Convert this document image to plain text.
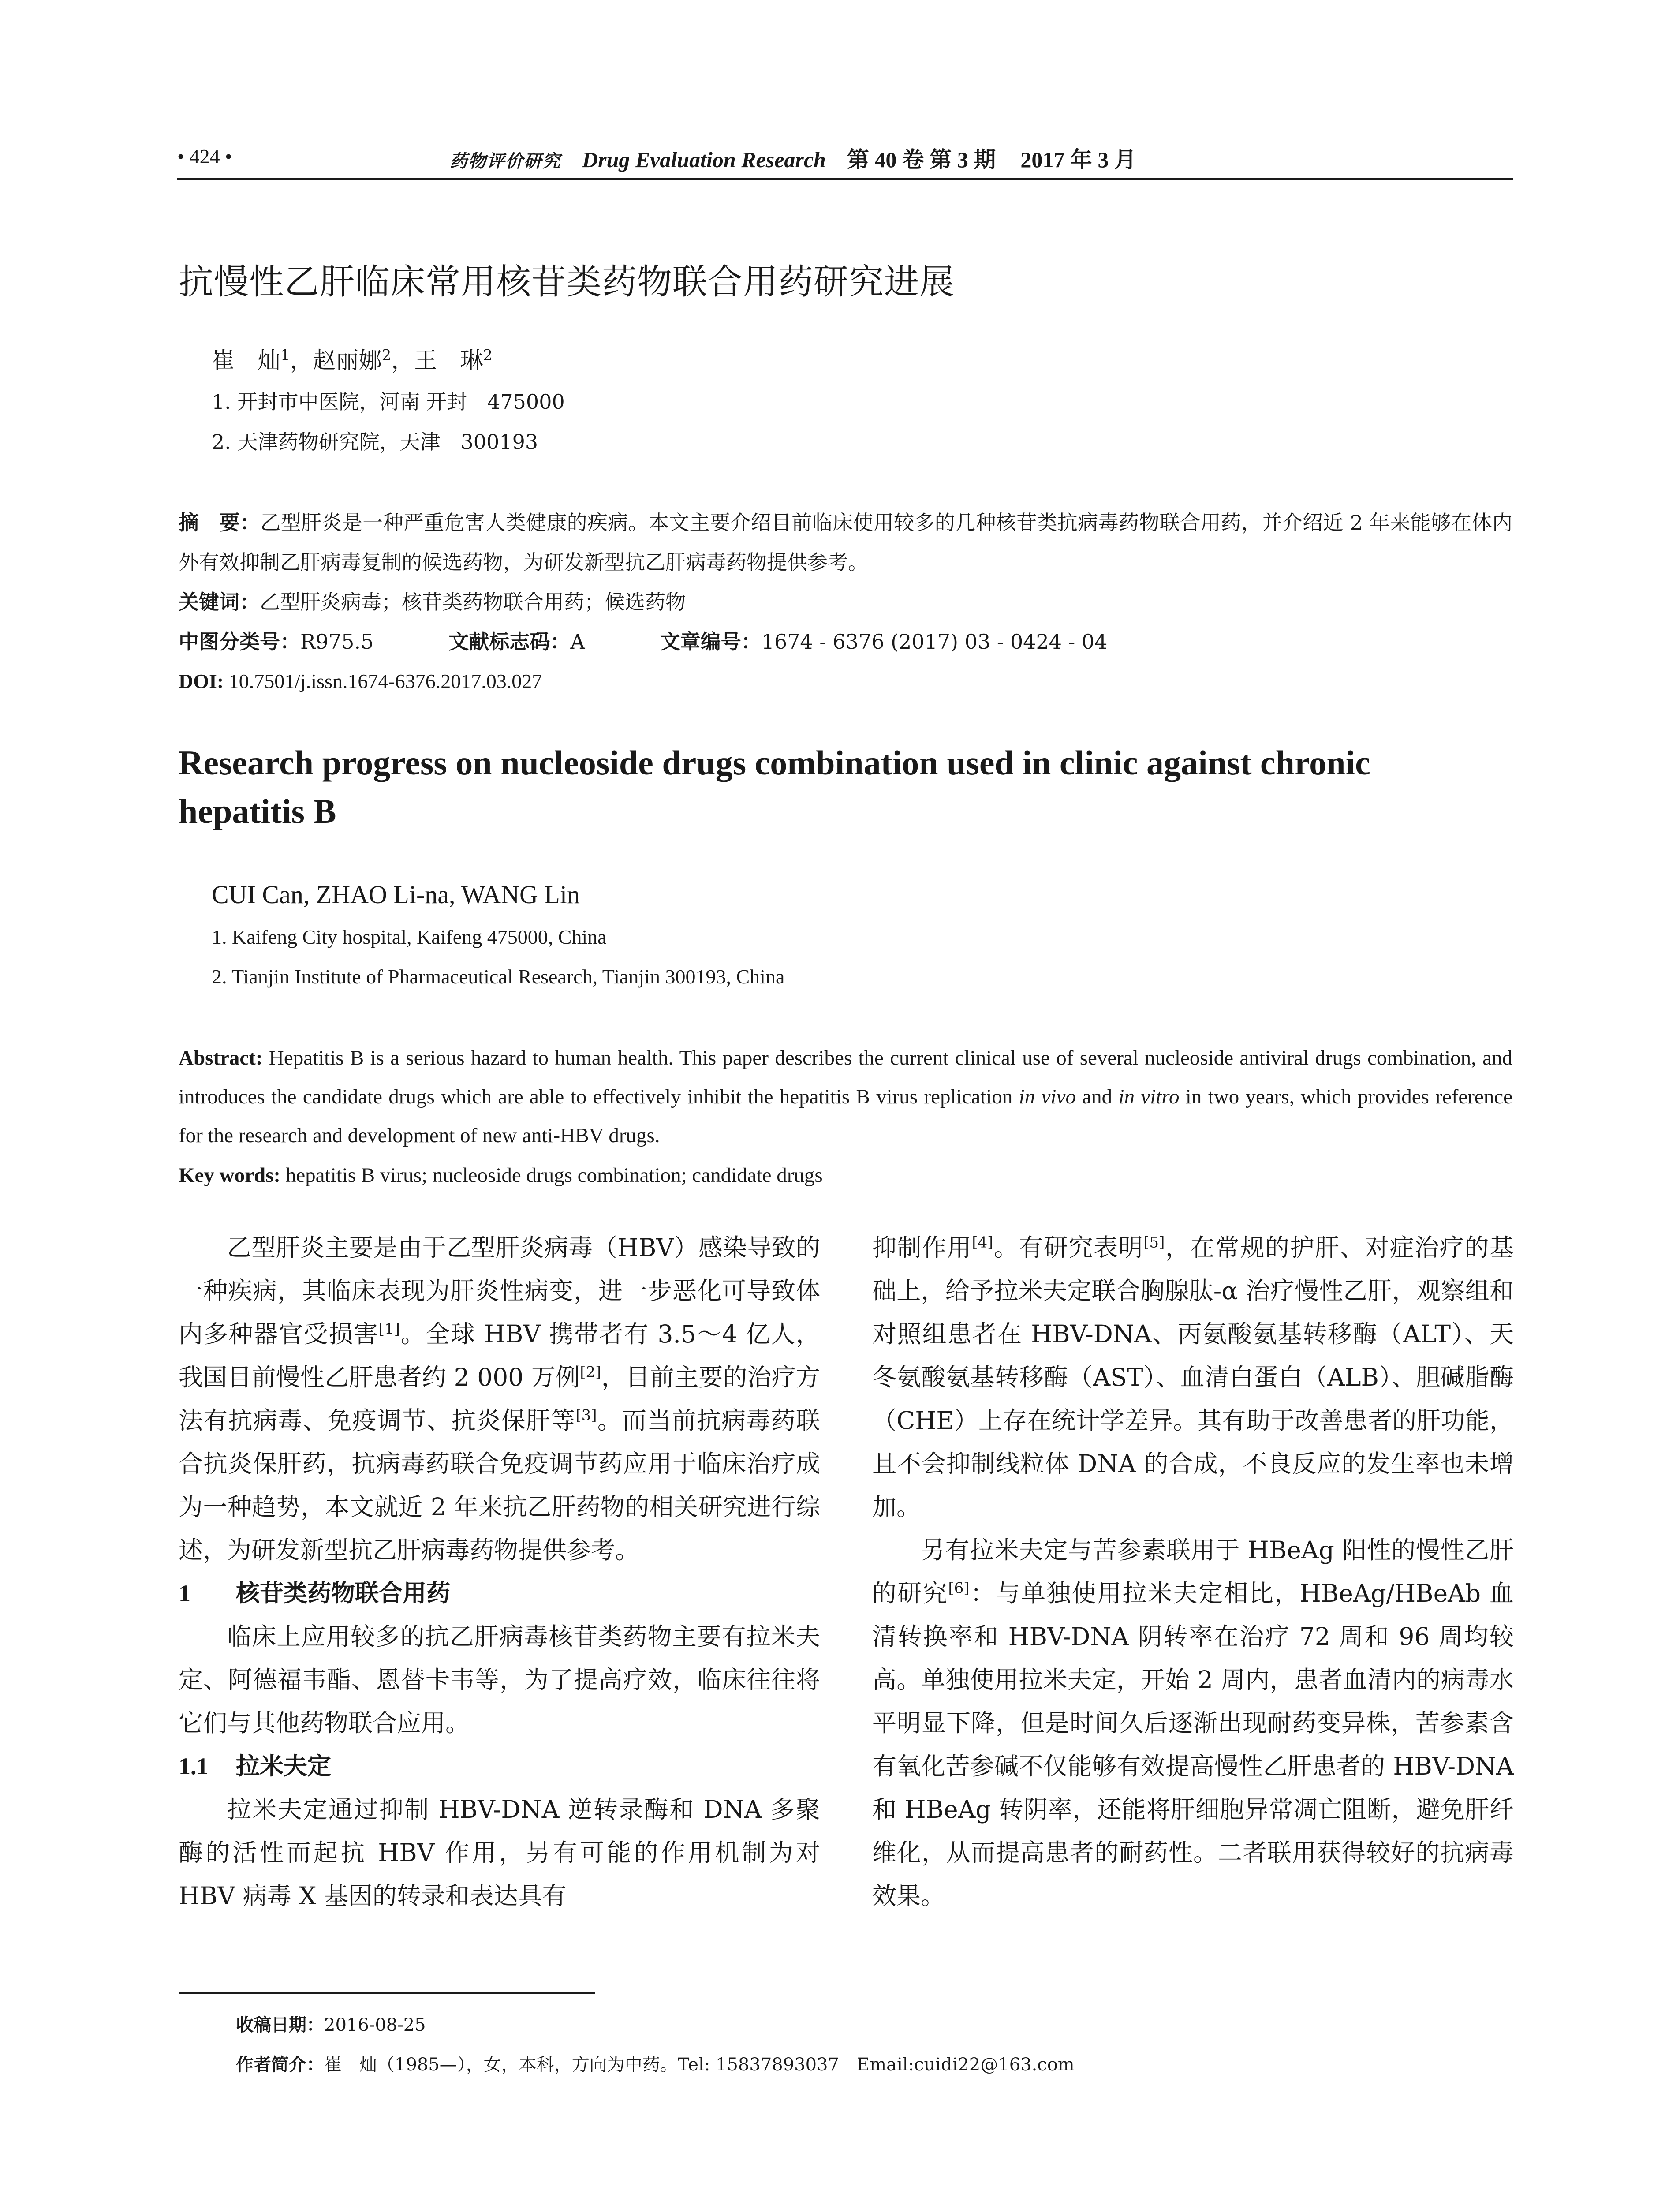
• 424 •	药物评价研究 Drug Evaluation Research 第 40 卷 第 3 期 2017 年 3 月
抗慢性乙肝临床常用核苷类药物联合用药研究进展
崔　灿$^1$，赵丽娜$^2$，王　琳$^2$
1. 开封市中医院，河南 开封　475000
2. 天津药物研究院，天津　300193
摘　要：乙型肝炎是一种严重危害人类健康的疾病。本文主要介绍目前临床使用较多的几种核苷类抗病毒药物联合用药，并介绍近 2 年来能够在体内外有效抑制乙肝病毒复制的候选药物，为研发新型抗乙肝病毒药物提供参考。
关键词：乙型肝炎病毒；核苷类药物联合用药；候选药物
中图分类号：R975.5	文献标志码：A	文章编号：1674 - 6376 (2017) 03 - 0424 - 04
DOI: 10.7501/j.issn.1674-6376.2017.03.027
Research progress on nucleoside drugs combination used in clinic against chronic hepatitis B
CUI Can, ZHAO Li-na, WANG Lin
1. Kaifeng City hospital, Kaifeng 475000, China
2. Tianjin Institute of Pharmaceutical Research, Tianjin 300193, China
Abstract: Hepatitis B is a serious hazard to human health. This paper describes the current clinical use of several nucleoside antiviral drugs combination, and introduces the candidate drugs which are able to effectively inhibit the hepatitis B virus replication in vivo and in vitro in two years, which provides reference for the research and development of new anti-HBV drugs.
Key words: hepatitis B virus; nucleoside drugs combination; candidate drugs

乙型肝炎主要是由于乙型肝炎病毒（HBV）感染导致的一种疾病，其临床表现为肝炎性病变，进一步恶化可导致体内多种器官受损害[1]。全球 HBV 携带者有 3.5～4 亿人，我国目前慢性乙肝患者约 2 000 万例[2]，目前主要的治疗方法有抗病毒、免疫调节、抗炎保肝等[3]。而当前抗病毒药联合抗炎保肝药，抗病毒药联合免疫调节药应用于临床治疗成为一种趋势，本文就近 2 年来抗乙肝药物的相关研究进行综述，为研发新型抗乙肝病毒药物提供参考。

1 核苷类药物联合用药

临床上应用较多的抗乙肝病毒核苷类药物主要有拉米夫定、阿德福韦酯、恩替卡韦等，为了提高疗效，临床往往将它们与其他药物联合应用。

1.1 拉米夫定

拉米夫定通过抑制 HBV-DNA 逆转录酶和 DNA 多聚酶的活性而起抗 HBV 作用，另有可能的作用机制为对 HBV 病毒 X 基因的转录和表达具有

抑制作用[4]。有研究表明[5]，在常规的护肝、对症治疗的基础上，给予拉米夫定联合胸腺肽-α 治疗慢性乙肝，观察组和对照组患者在 HBV-DNA、丙氨酸氨基转移酶（ALT）、天冬氨酸氨基转移酶（AST）、血清白蛋白（ALB）、胆碱脂酶（CHE）上存在统计学差异。其有助于改善患者的肝功能，且不会抑制线粒体 DNA 的合成，不良反应的发生率也未增加。

另有拉米夫定与苦参素联用于 HBeAg 阳性的慢性乙肝的研究[6]：与单独使用拉米夫定相比，HBeAg/HBeAb 血清转换率和 HBV-DNA 阴转率在治疗 72 周和 96 周均较高。单独使用拉米夫定，开始 2 周内，患者血清内的病毒水平明显下降，但是时间久后逐渐出现耐药变异株，苦参素含有氧化苦参碱不仅能够有效提高慢性乙肝患者的 HBV-DNA 和 HBeAg 转阴率，还能将肝细胞异常凋亡阻断，避免肝纤维化，从而提高患者的耐药性。二者联用获得较好的抗病毒效果。

收稿日期：2016-08-25
作者简介：崔　灿（1985—），女，本科，方向为中药。Tel: 15837893037　Email:cuidi22@163.com
